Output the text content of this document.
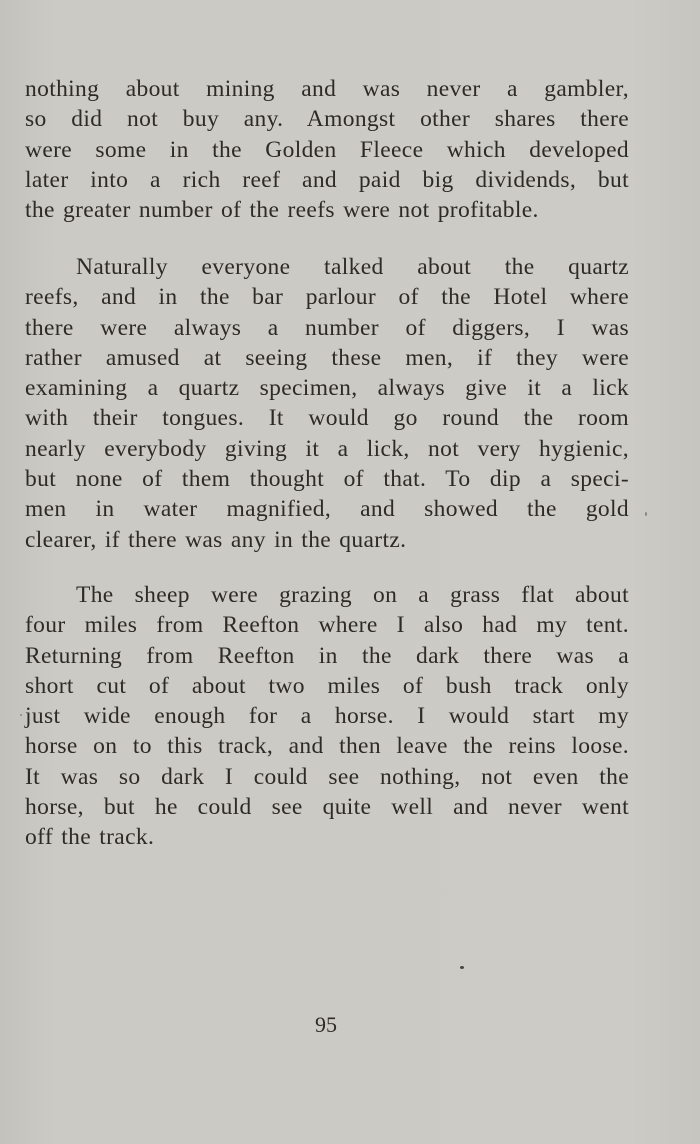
nothing about mining and was never a gambler,
so did not buy any. Amongst other shares there
were some in the Golden Fleece which developed
later into a rich reef and paid big dividends, but
the greater number of the reefs were not profitable.
Naturally everyone talked about the quartz
reefs, and in the bar parlour of the Hotel where
there were always a number of diggers, I was
rather amused at seeing these men, if they were
examining a quartz specimen, always give it a lick
with their tongues. It would go round the room
nearly everybody giving it a lick, not very hygienic,
but none of them thought of that. To dip a speci-
men in water magnified, and showed the gold
clearer, if there was any in the quartz.
The sheep were grazing on a grass flat about
four miles from Reefton where I also had my tent.
Returning from Reefton in the dark there was a
short cut of about two miles of bush track only
just wide enough for a horse. I would start my
horse on to this track, and then leave the reins loose.
It was so dark I could see nothing, not even the
horse, but he could see quite well and never went
off the track.
95
